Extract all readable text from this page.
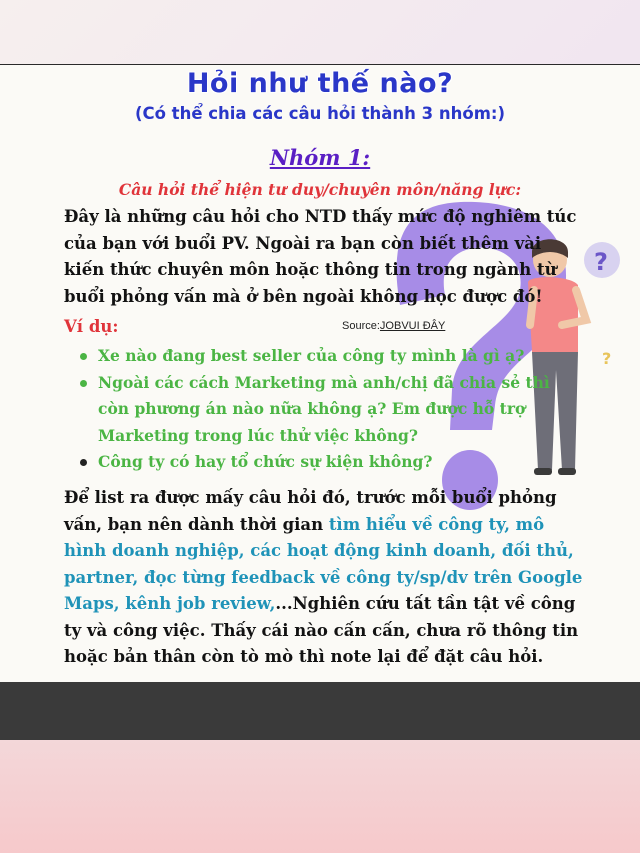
?
?
Hỏi như thế nào?

(Có thể chia các câu hỏi thành 3 nhóm:)

Nhóm 1:

Câu hỏi thể hiện tư duy/chuyên môn/năng lực:

Đây là những câu hỏi cho NTD thấy mức độ nghiêm túc của bạn với buổi PV. Ngoài ra bạn còn biết thêm vài kiến thức chuyên môn hoặc thông tin trong ngành từ buổi phỏng vấn mà ở bên ngoài không học được đó!

Ví dụ:	Source:JOBVUI ĐÂY

Xe nào đang best seller của công ty mình là gì ạ?
Ngoài các cách Marketing mà anh/chị đã chia sẻ thì còn phương án nào nữa không ạ? Em được hỗ trợ Marketing trong lúc thử việc không?
Công ty có hay tổ chức sự kiện không?

Để list ra được mấy câu hỏi đó, trước mỗi buổi phỏng vấn, bạn nên dành thời gian tìm hiểu về công ty, mô hình doanh nghiệp, các hoạt động kinh doanh, đối thủ, partner, đọc từng feedback về công ty/sp/dv trên Google Maps, kênh job review,...Nghiên cứu tất tần tật về công ty và công việc. Thấy cái nào cấn cấn, chưa rõ thông tin hoặc bản thân còn tò mò thì note lại để đặt câu hỏi.
